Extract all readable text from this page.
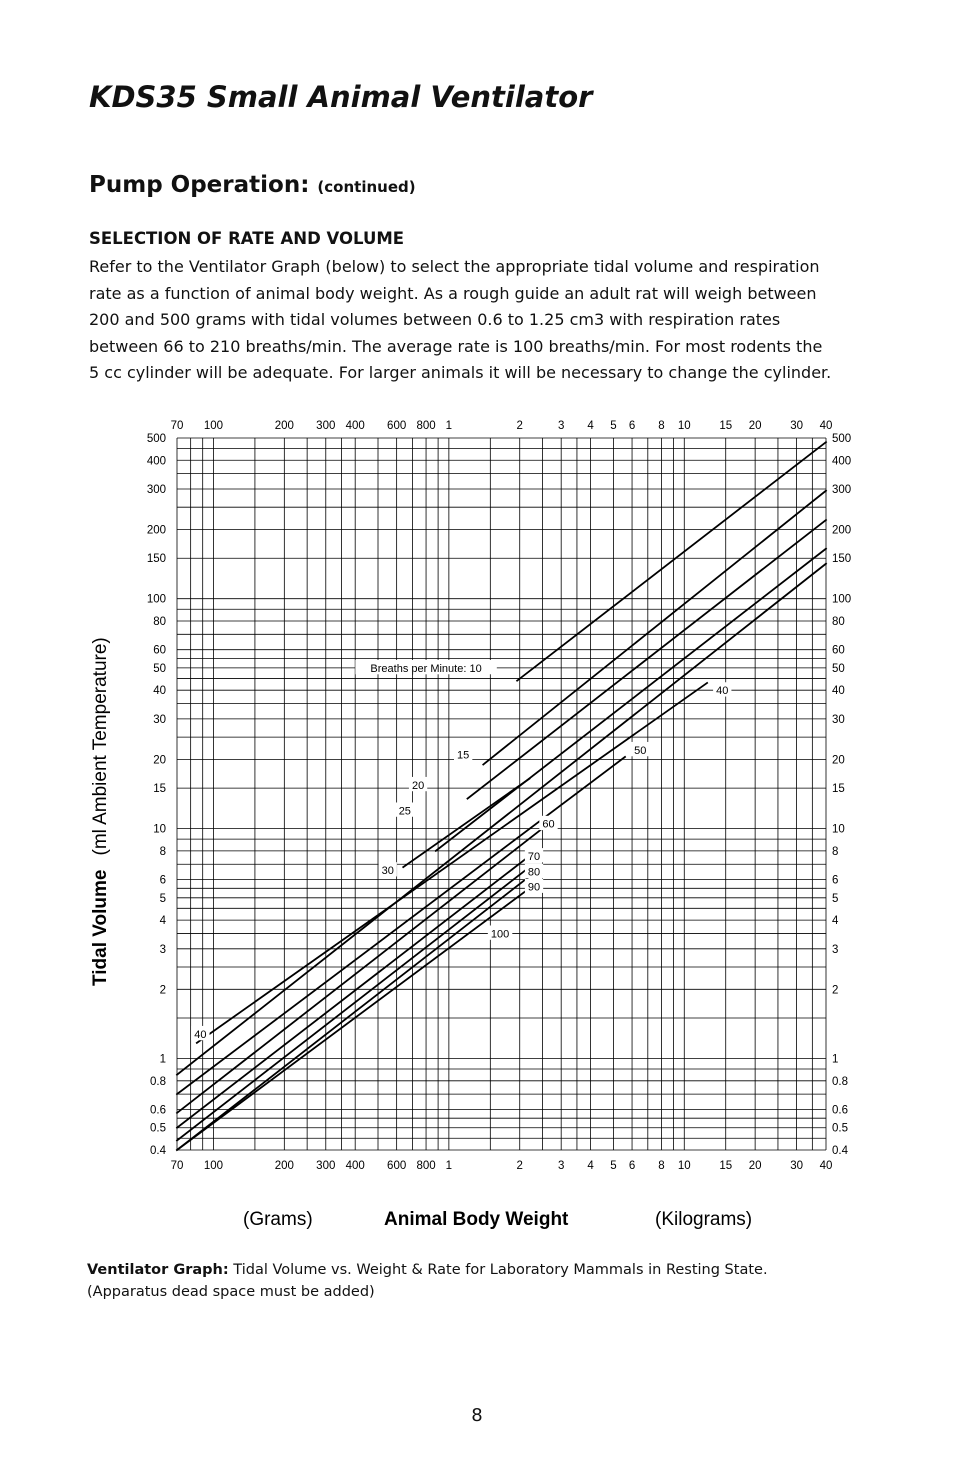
KDS35 Small Animal Ventilator
Pump Operation: (continued)
SELECTION OF RATE AND VOLUME
Refer to the Ventilator Graph (below) to select the appropriate tidal volume and respiration
rate as a function of animal body weight. As a rough guide an adult rat will weigh between
200 and 500 grams with tidal volumes between 0.6 to 1.25 cm3 with respiration rates
between 66 to 210 breaths/min. The average rate is 100 breaths/min. For most rodents the
5 cc cylinder will be adequate. For larger animals it will be necessary to change the cylinder.
Breaths per Minute: 10
15
20
25
30
40
50
60
70
80
90
100
40
70
70
100
100
200
200
300
300
400
400
600
600
800
800
1
1
2
2
3
3
4
4
5
5
6
6
8
8
10
10
15
15
20
20
30
30
40
40
0.4	0.4
0.5	0.5
0.6	0.6
0.8	0.8
1	1
2	2
3	3
4	4
5	5
6	6
8	8
10	10
15	15
20	20
30	30
40	40
50	50
60	60
80	80
100	100
150	150
200	200
300	300
400	400
500	500
Tidal Volume(ml Ambient Temperature)
(Grams)	Animal Body Weight	(Kilograms)
Ventilator Graph: Tidal Volume vs. Weight & Rate for Laboratory Mammals in Resting State.
(Apparatus dead space must be added)

8
